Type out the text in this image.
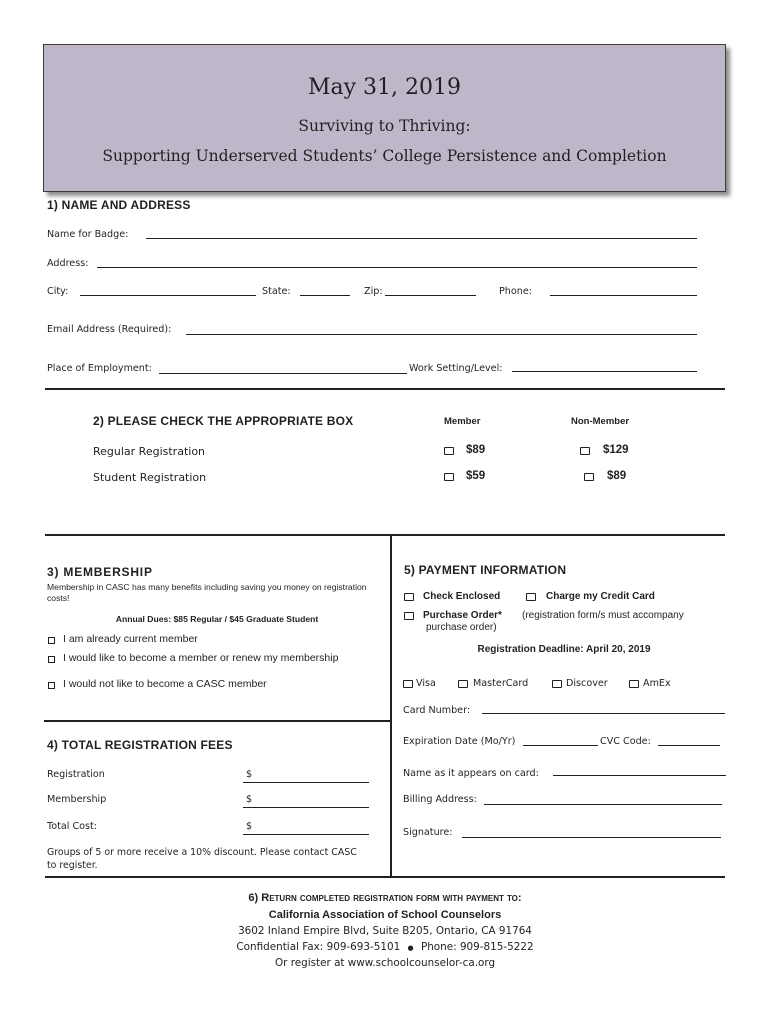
May 31, 2019
Surviving to Thriving:
Supporting Underserved Students’ College Persistence and Completion
1) NAME AND ADDRESS
Name for Badge:
Address:
City:	State:	Zip:	Phone:
Email Address (Required):
Place of Employment:	Work Setting/Level:
2) PLEASE CHECK THE APPROPRIATE BOX	Member	Non-Member
Regular Registration	$89	$129
Student Registration	$59	$89
3) MEMBERSHIP
Membership in CASC has many benefits including saving you money on registration costs!
Annual Dues: $85 Regular / $45 Graduate Student
I am already current member
I would like to become a member or renew my membership
I would not like to become a CASC member
4) TOTAL REGISTRATION FEES
Registration	$
Membership	$
Total Cost:	$
Groups of 5 or more receive a 10% discount. Please contact CASC to register.
5) PAYMENT INFORMATION
Check Enclosed	Charge my Credit Card
Purchase Order*	(registration form/s must accompany purchase order)
Registration Deadline: April 20, 2019
Visa	MasterCard	Discover	AmEx
Card Number:
Expiration Date (Mo/Yr)	CVC Code:
Name as it appears on card:
Billing Address:
Signature:
6) Return completed registration form with payment to:
California Association of School Counselors
3602 Inland Empire Blvd, Suite B205, Ontario, CA 91764
Confidential Fax: 909-693-5101 ● Phone: 909-815-5222
Or register at www.schoolcounselor-ca.org
